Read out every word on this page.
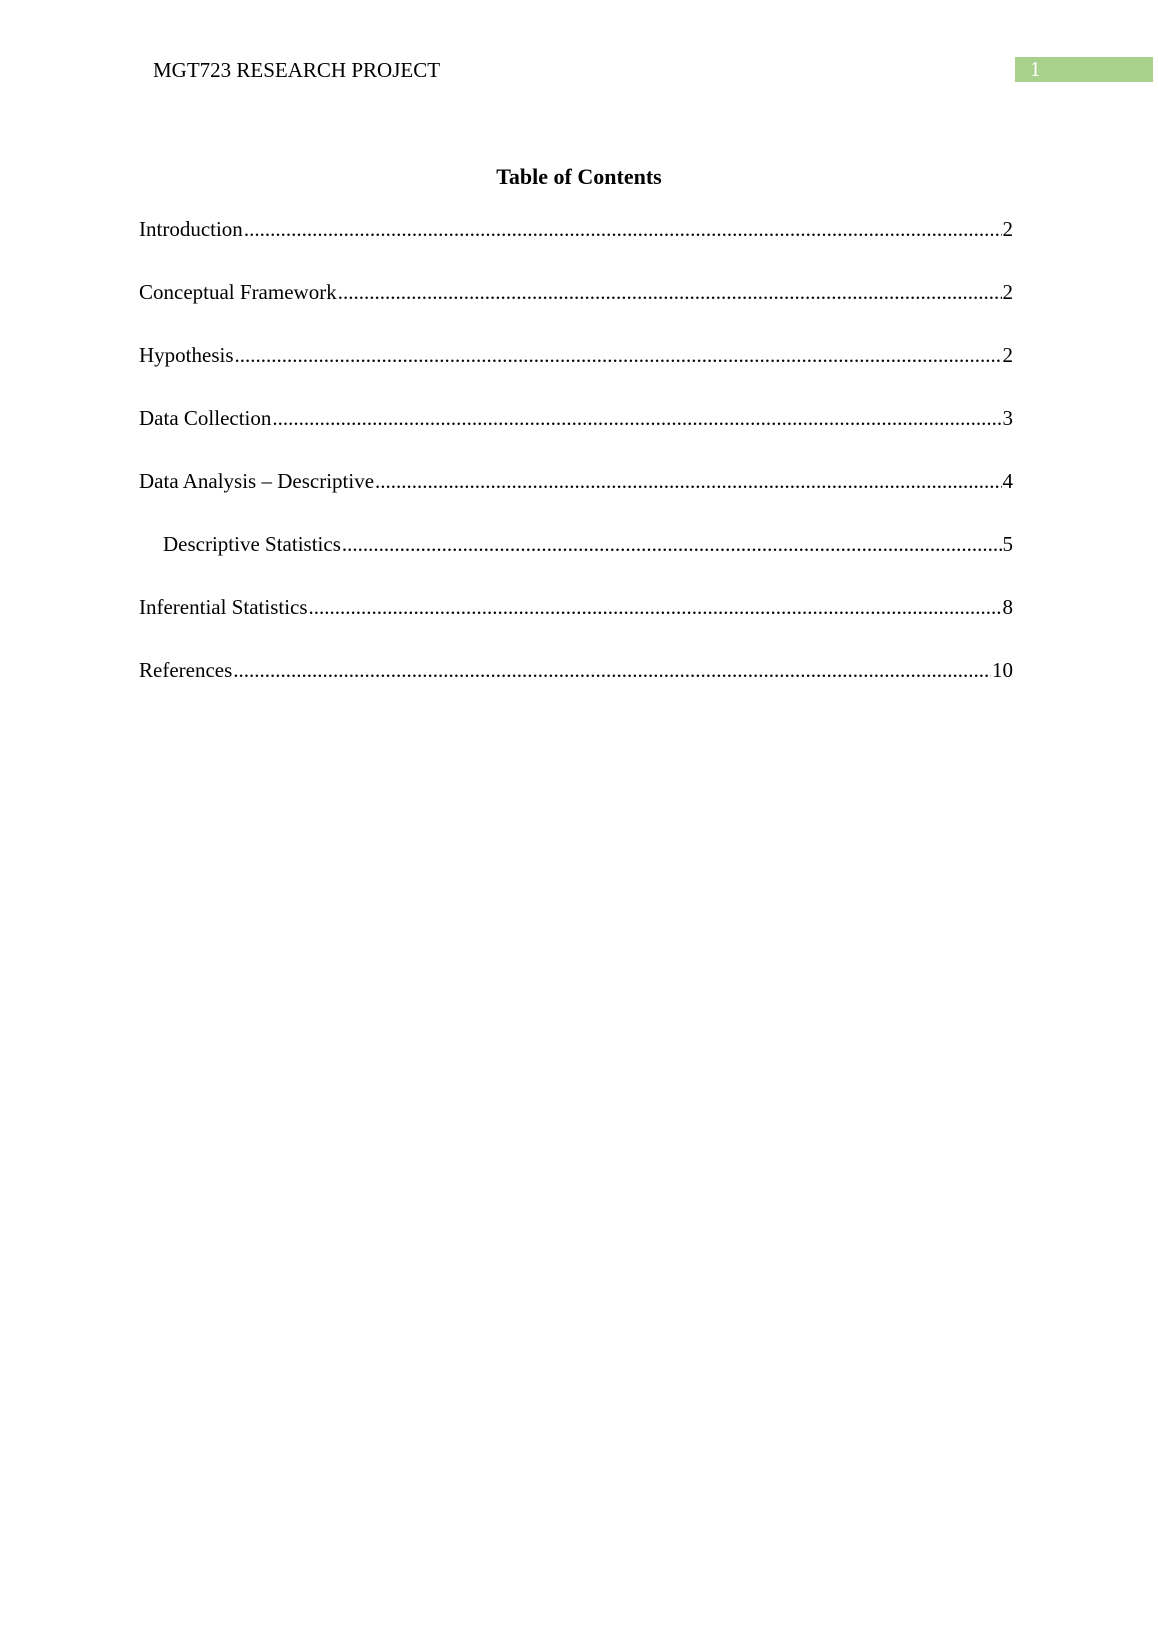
MGT723 RESEARCH PROJECT	1
Table of Contents
Introduction .....	2
Conceptual Framework .....	2
Hypothesis .....	2
Data Collection .....	3
Data Analysis – Descriptive .....	4
Descriptive Statistics .....	5
Inferential Statistics .....	8
References .....	10
